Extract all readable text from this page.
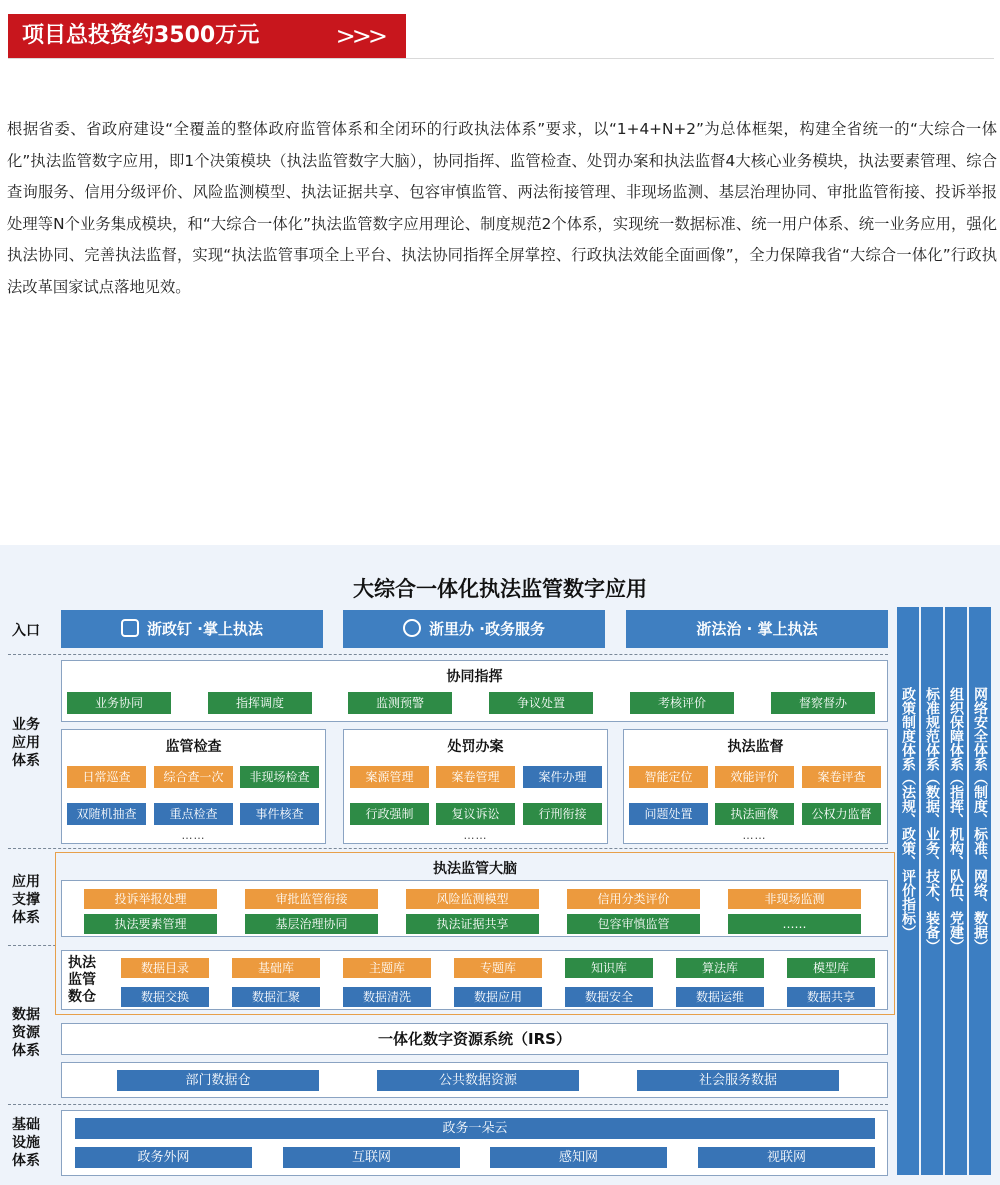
项目总投资约3500万元	>>>

根据省委、省政府建设“全覆盖的整体政府监管体系和全闭环的行政执法体系”要求，以“1+4+N+2”为总体框架，构建全省统一的“大综合一体化”执法监管数字应用，即1个决策模块（执法监管数字大脑），协同指挥、监管检查、处罚办案和执法监督4大核心业务模块，执法要素管理、综合查询服务、信用分级评价、风险监测模型、执法证据共享、包容审慎监管、两法衔接管理、非现场监测、基层治理协同、审批监管衔接、投诉举报处理等N个业务集成模块，和“大综合一体化”执法监管数字应用理论、制度规范2个体系，实现统一数据标准、统一用户体系、统一业务应用，强化执法协同、完善执法监督，实现“执法监管事项全上平台、执法协同指挥全屏掌控、行政执法效能全面画像”，全力保障我省“大综合一体化”行政执法改革国家试点落地见效。

大综合一体化执法监管数字应用
入口
业务
应用
体系
应用
支撑
体系
数据
资源
体系
基础
设施
体系
浙政钉 ·掌上执法	浙里办 ·政务服务	浙法治 · 掌上执法
协同指挥
业务协同	指挥调度	监测预警	争议处置	考核评价	督察督办
监管检查
日常巡查	综合查一次	非现场检查
双随机抽查	重点检查	事件核查
……
处罚办案
案源管理	案卷管理	案件办理
行政强制	复议诉讼	行刑衔接
……
执法监督
智能定位	效能评价	案卷评查
问题处置	执法画像	公权力监督
……
执法监管大脑
投诉举报处理	审批监管衔接	风险监测模型	信用分类评价	非现场监测
执法要素管理	基层治理协同	执法证据共享	包容审慎监管	……
执法
监管
数仓
数据目录	基础库	主题库	专题库	知识库	算法库	模型库
数据交换	数据汇聚	数据清洗	数据应用	数据安全	数据运维	数据共享
一体化数字资源系统（IRS）
部门数据仓	公共数据资源	社会服务数据
政务一朵云
政务外网	互联网	感知网	视联网
政策制度体系（法规、政策、评价指标） 标准规范体系（数据、业务、技术、装备） 组织保障体系（指挥、机构、队伍、党建） 网络安全体系（制度、标准、网络、数据）
